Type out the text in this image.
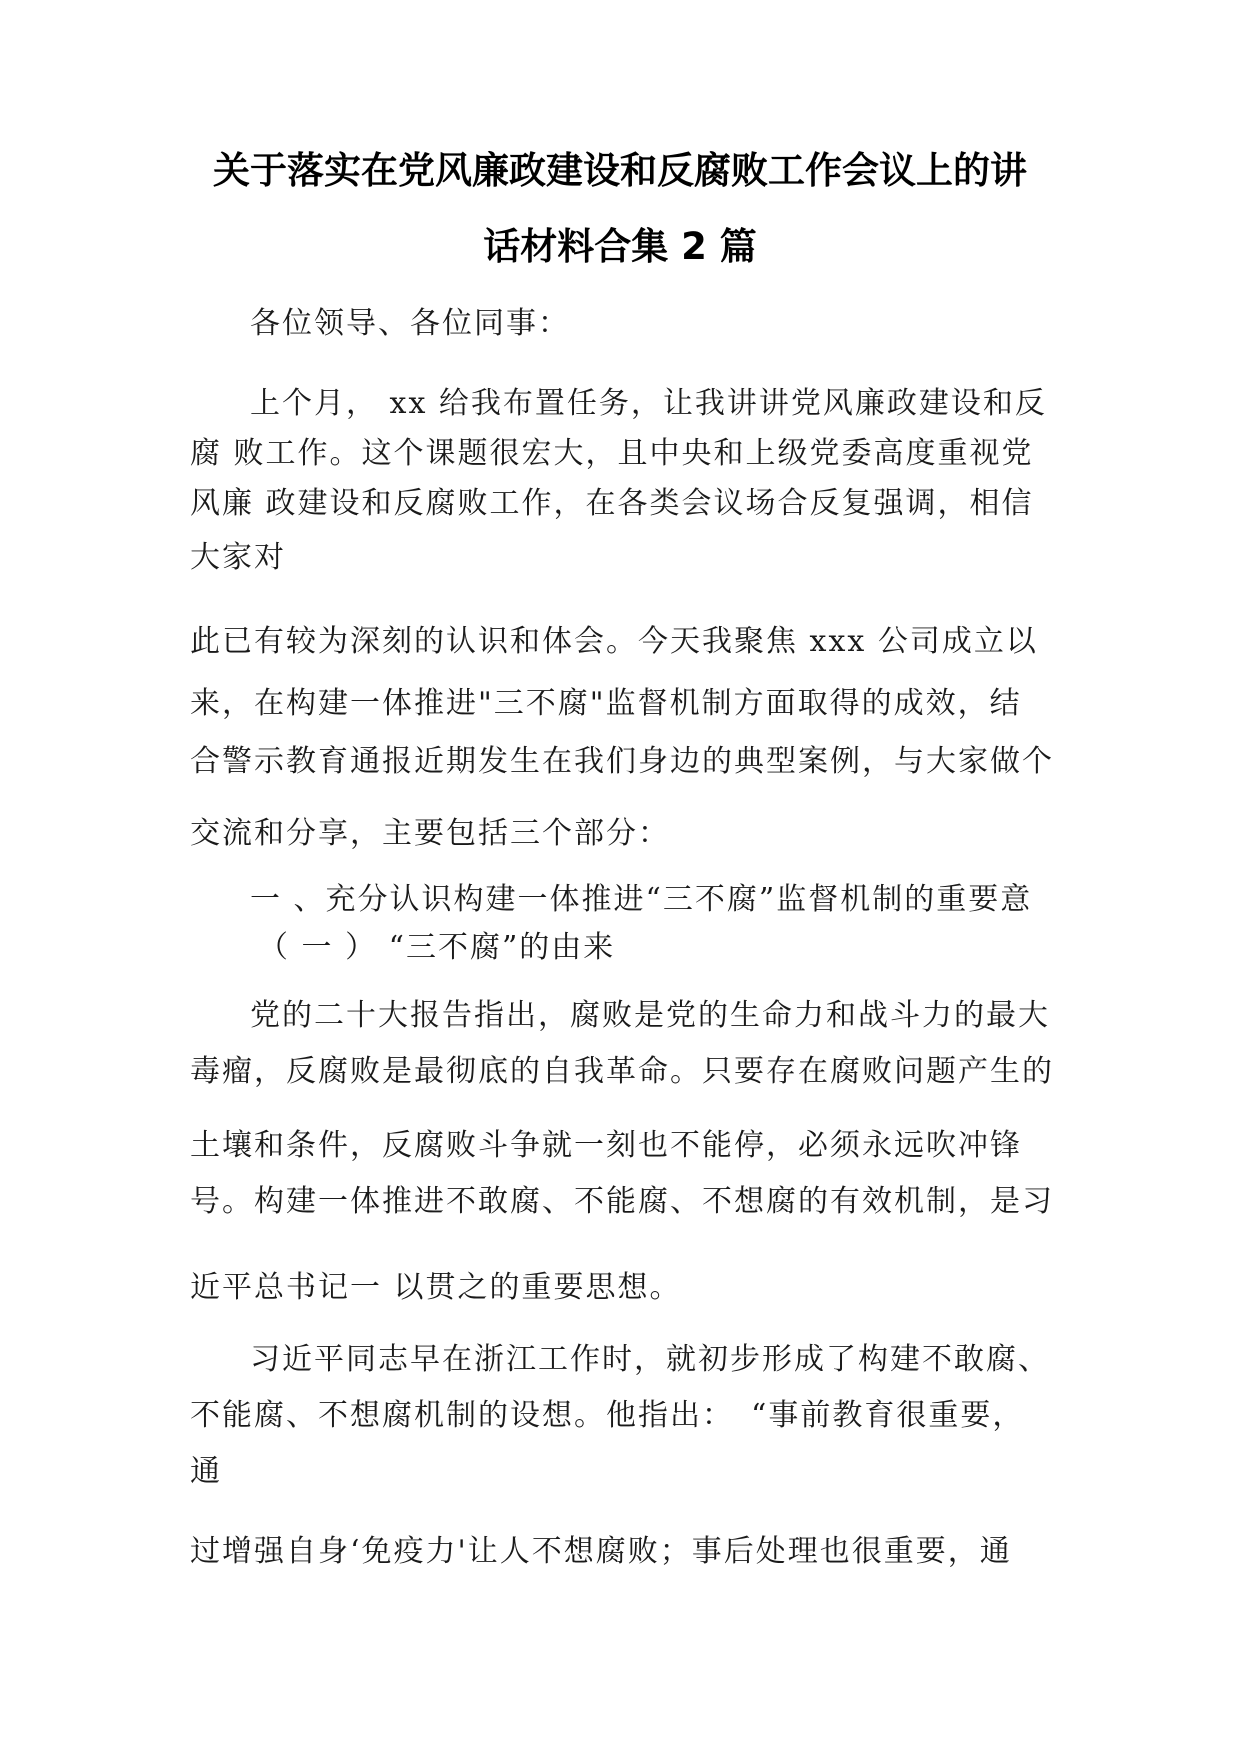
关于落实在党风廉政建设和反腐败工作会议上的讲
话材料合集 2 篇
各位领导、各位同事：
上个月， xx 给我布置任务，让我讲讲党风廉政建设和反
腐 败工作。这个课题很宏大，且中央和上级党委高度重视党
风廉 政建设和反腐败工作，在各类会议场合反复强调，相信
大家对
此已有较为深刻的认识和体会。今天我聚焦 xxx 公司成立以
来，在构建一体推进"三不腐"监督机制方面取得的成效，结
合警示教育通报近期发生在我们身边的典型案例，与大家做个
交流和分享，主要包括三个部分：
一 、充分认识构建一体推进“三不腐”监督机制的重要意
（ 一 ） “三不腐”的由来
党的二十大报告指出，腐败是党的生命力和战斗力的最大
毒瘤，反腐败是最彻底的自我革命。只要存在腐败问题产生的
土壤和条件，反腐败斗争就一刻也不能停，必须永远吹冲锋
号。构建一体推进不敢腐、不能腐、不想腐的有效机制，是习
近平总书记一 以贯之的重要思想。
习近平同志早在浙江工作时，就初步形成了构建不敢腐、
不能腐、不想腐机制的设想。他指出：　“事前教育很重要，
通
过增强自身‘免疫力'让人不想腐败；事后处理也很重要，通
